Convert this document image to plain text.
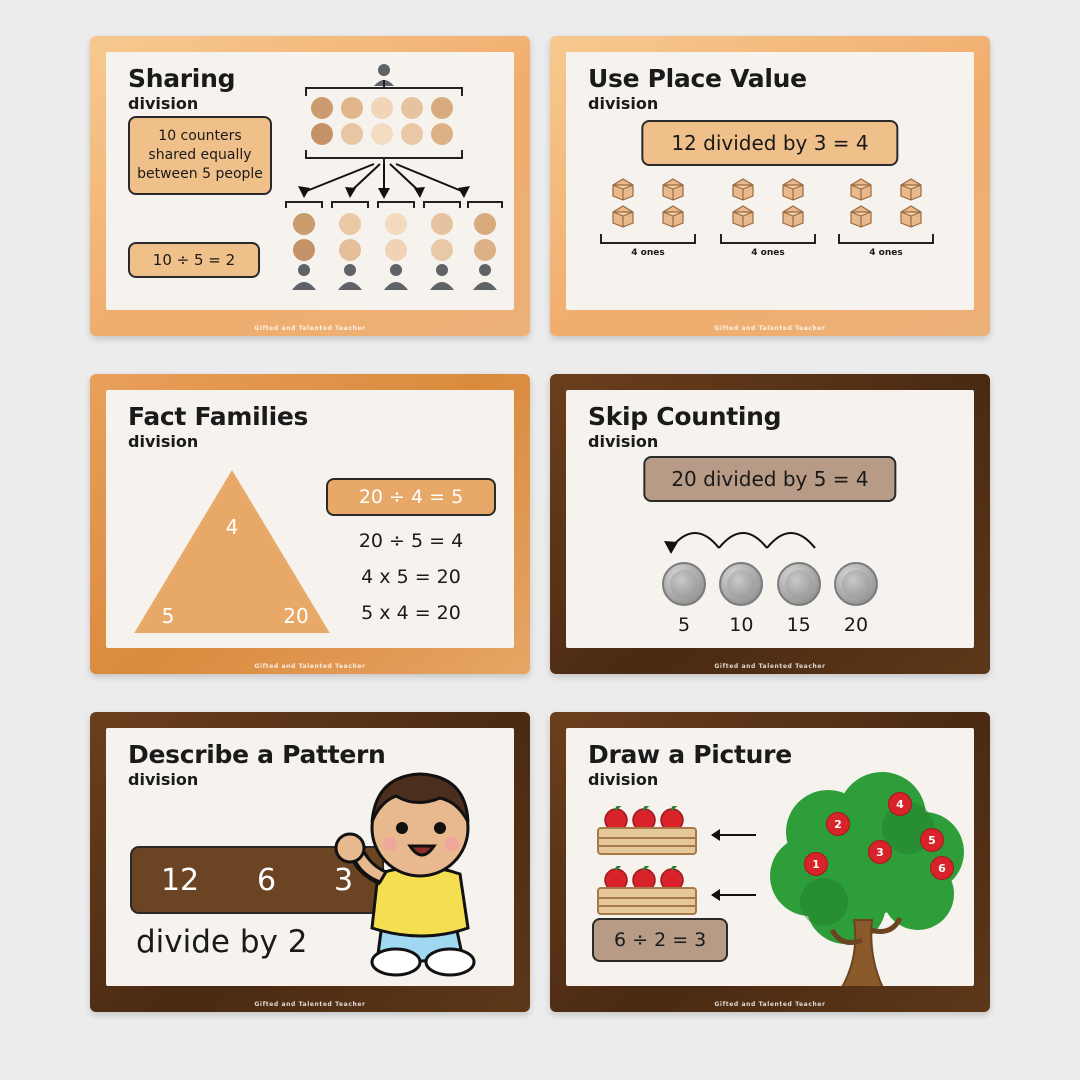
Sharing
division
10 counters shared equally between 5 people
10 ÷ 5 = 2
Gifted and Talented Teacher
Use Place Value
division
12 divided by 3 = 4
4 ones	4 ones	4 ones
Gifted and Talented Teacher
Fact Families
division
4
5	20
20 ÷ 4 = 5
20 ÷ 5 = 4
4 x 5 = 20
5 x 4 = 20
Gifted and Talented Teacher
Skip Counting
division
20 divided by 5 = 4
5	10	15	20
Gifted and Talented Teacher
Describe a Pattern
division
12 6 3
divide by 2
Gifted and Talented Teacher
Draw a Picture
division
4
2
5
3
1	6
6 ÷ 2 = 3
Gifted and Talented Teacher
